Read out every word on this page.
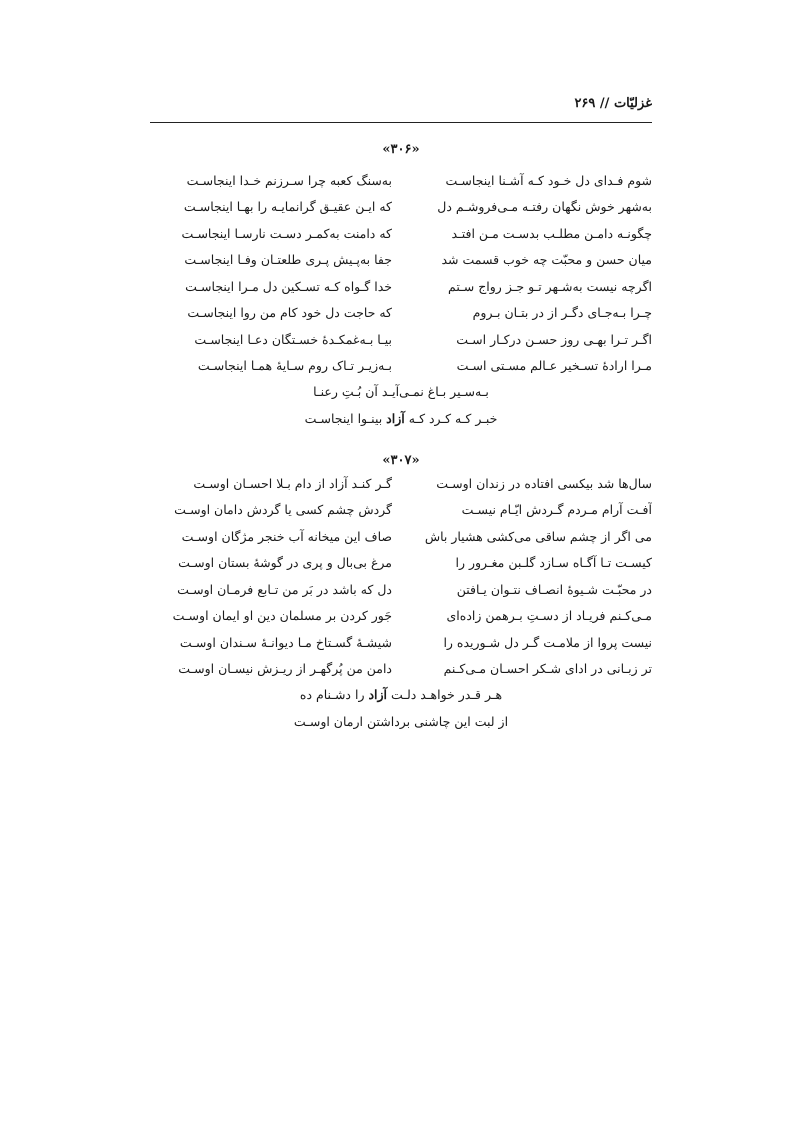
غزلیّات // ۲۶۹
«۳۰۶»
شوم فـدای دل خـود کـه آشـنا اینجاسـت
به‌سنگ کعبه چرا سـرزنم خـدا اینجاسـت
به‌شهر خوش نگهان رفتـه مـی‌فروشـم دل
که ایـن عقیـق گرانمایـه را بهـا اینجاسـت
چگونـه دامـن مطلـب بدسـت مـن افتـد
که دامنت به‌کمـر دسـت نارسـا اینجاسـت
میان حسن و محبّت چه خوب قسمت شد
جفا به‌پـیش پـری طلعتـان وفـا اینجاسـت
اگرچه نیست به‌شـهر تـو جـز رواج سـتم
خدا گـواه کـه تسـکین دل مـرا اینجاسـت
چـرا بـه‌جـای دگـر از در بتـان بـروم
که حاجت دل خود کام من روا اینجاسـت
اگـر تـرا بهـی روز حسـن درکـار اسـت
بیـا بـه‌غمکـدهٔ خسـتگان دعـا اینجاسـت
مـرا ارادهٔ تسـخیر عـالم مسـتی اسـت
بـه‌زیـر تـاک روم سـایهٔ همـا اینجاسـت
بـه‌سـیر بـاغ نمـی‌آیـد آن بُـتِ رعنـا
خبـر کـه کـرد کـه آزاد بینـوا اینجاسـت
«۳۰۷»
سال‌ها شد بیکسی افتاده در زندان اوسـت
گـر کنـد آزاد از دام بـلا احسـان اوسـت
آفـت آرام مـردم گـردش ایّـام نیسـت
گردش چشم کسی یا گردش دامان اوسـت
می اگر از چشم ساقی می‌کشی هشیار باش
صاف این میخانه آب خنجر مژگان اوسـت
کیسـت تـا آگـاه سـازد گلـبن مغـرور را
مرغ بی‌بال و پری در گوشهٔ بستان اوسـت
در محبّـت شـیوهٔ انصـاف نتـوان یـافتن
دل که باشد در بَر من تـابع فرمـان اوسـت
مـی‌کـنم فریـاد از دسـتِ بـرهمن زاده‌ای
جَور کردن بر مسلمان دین او ایمان اوسـت
نیست پروا از ملامـت گـر دل شـوریده را
شیشـهٔ گسـتاخ مـا دیوانـهٔ سـندان اوسـت
تر زبـانی در ادای شـکر احسـان مـی‌کـنم
دامن من پُرگهـر از ریـزش نیسـان اوسـت
هـر قـدر خواهـد دلـت آزاد را دشـنام ده
از لبت این چاشنی برداشتن ارمان اوسـت
